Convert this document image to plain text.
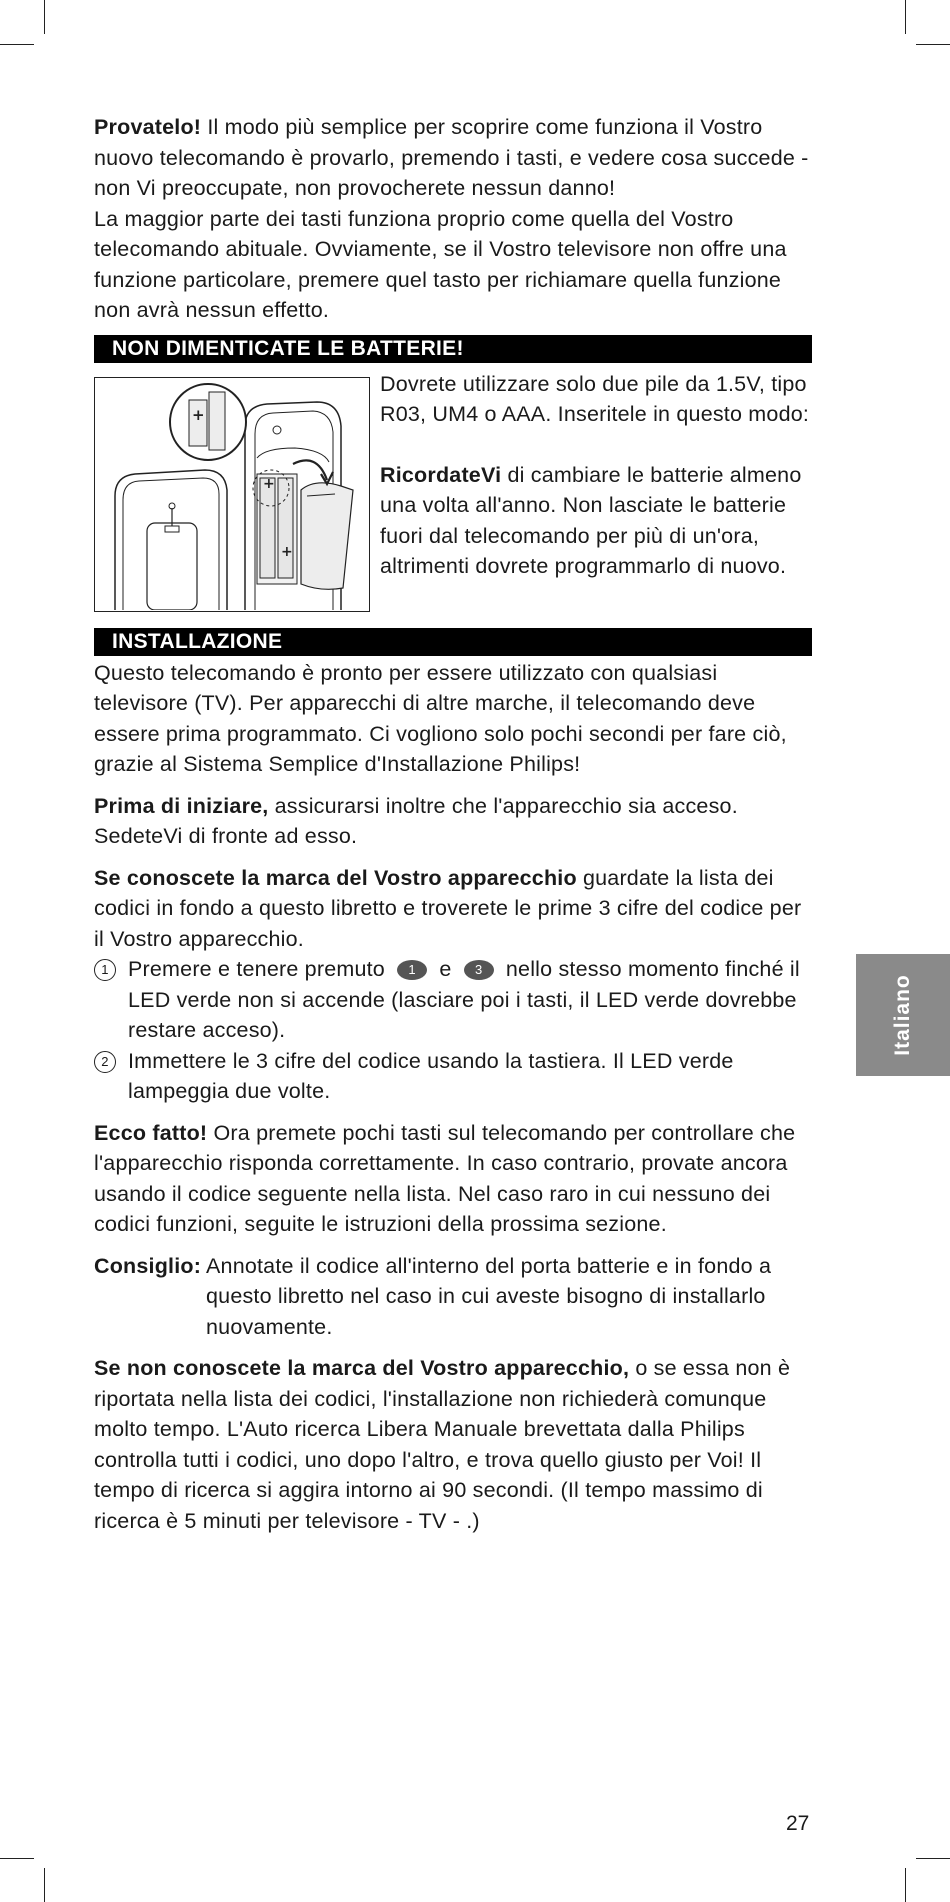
Provatelo! Il modo più semplice per scoprire come funziona il Vostro nuovo telecomando è provarlo, premendo i tasti, e vedere cosa succede - non Vi preoccupate, non provocherete nessun danno!

La maggior parte dei tasti funziona proprio come quella del Vostro telecomando abituale. Ovviamente, se il Vostro televisore non offre una funzione particolare, premere quel tasto per richiamare quella funzione non avrà nessun effetto.

NON DIMENTICATE LE BATTERIE!
+
+
+

Dovrete utilizzare solo due pile da 1.5V, tipo R03, UM4 o AAA. Inseritele in questo modo:

RicordateVi di cambiare le batterie almeno una volta all'anno. Non lasciate le batterie fuori dal telecomando per più di un'ora, altrimenti dovrete programmarlo di nuovo.

INSTALLAZIONE

Questo telecomando è pronto per essere utilizzato con qualsiasi televisore (TV). Per apparecchi di altre marche, il telecomando deve essere prima programmato. Ci vogliono solo pochi secondi per fare ciò, grazie al Sistema Semplice d'Installazione Philips!

Prima di iniziare, assicurarsi inoltre che l'apparecchio sia acceso. SedeteVi di fronte ad esso.

Se conoscete la marca del Vostro apparecchio guardate la lista dei codici in fondo a questo libretto e troverete le prime 3 cifre del codice per il Vostro apparecchio.

1 Premere e tenere premuto 1 e 3 nello stesso momento finché il LED verde non si accende (lasciare poi i tasti, il LED verde dovrebbe restare acceso).
2 Immettere le 3 cifre del codice usando la tastiera. Il LED verde lampeggia due volte.

Ecco fatto! Ora premete pochi tasti sul telecomando per controllare che l'apparecchio risponda correttamente. In caso contrario, provate ancora usando il codice seguente nella lista. Nel caso raro in cui nessuno dei codici funzioni, seguite le istruzioni della prossima sezione.

Consiglio: Annotate il codice all'interno del porta batterie e in fondo a questo libretto nel caso in cui aveste bisogno di installarlo nuovamente.

Se non conoscete la marca del Vostro apparecchio, o se essa non è riportata nella lista dei codici, l'installazione non richiederà comunque molto tempo. L'Auto ricerca Libera Manuale brevettata dalla Philips controlla tutti i codici, uno dopo l'altro, e trova quello giusto per Voi! Il tempo di ricerca si aggira intorno ai 90 secondi. (Il tempo massimo di ricerca è 5 minuti per televisore - TV - .)

Italiano
27
